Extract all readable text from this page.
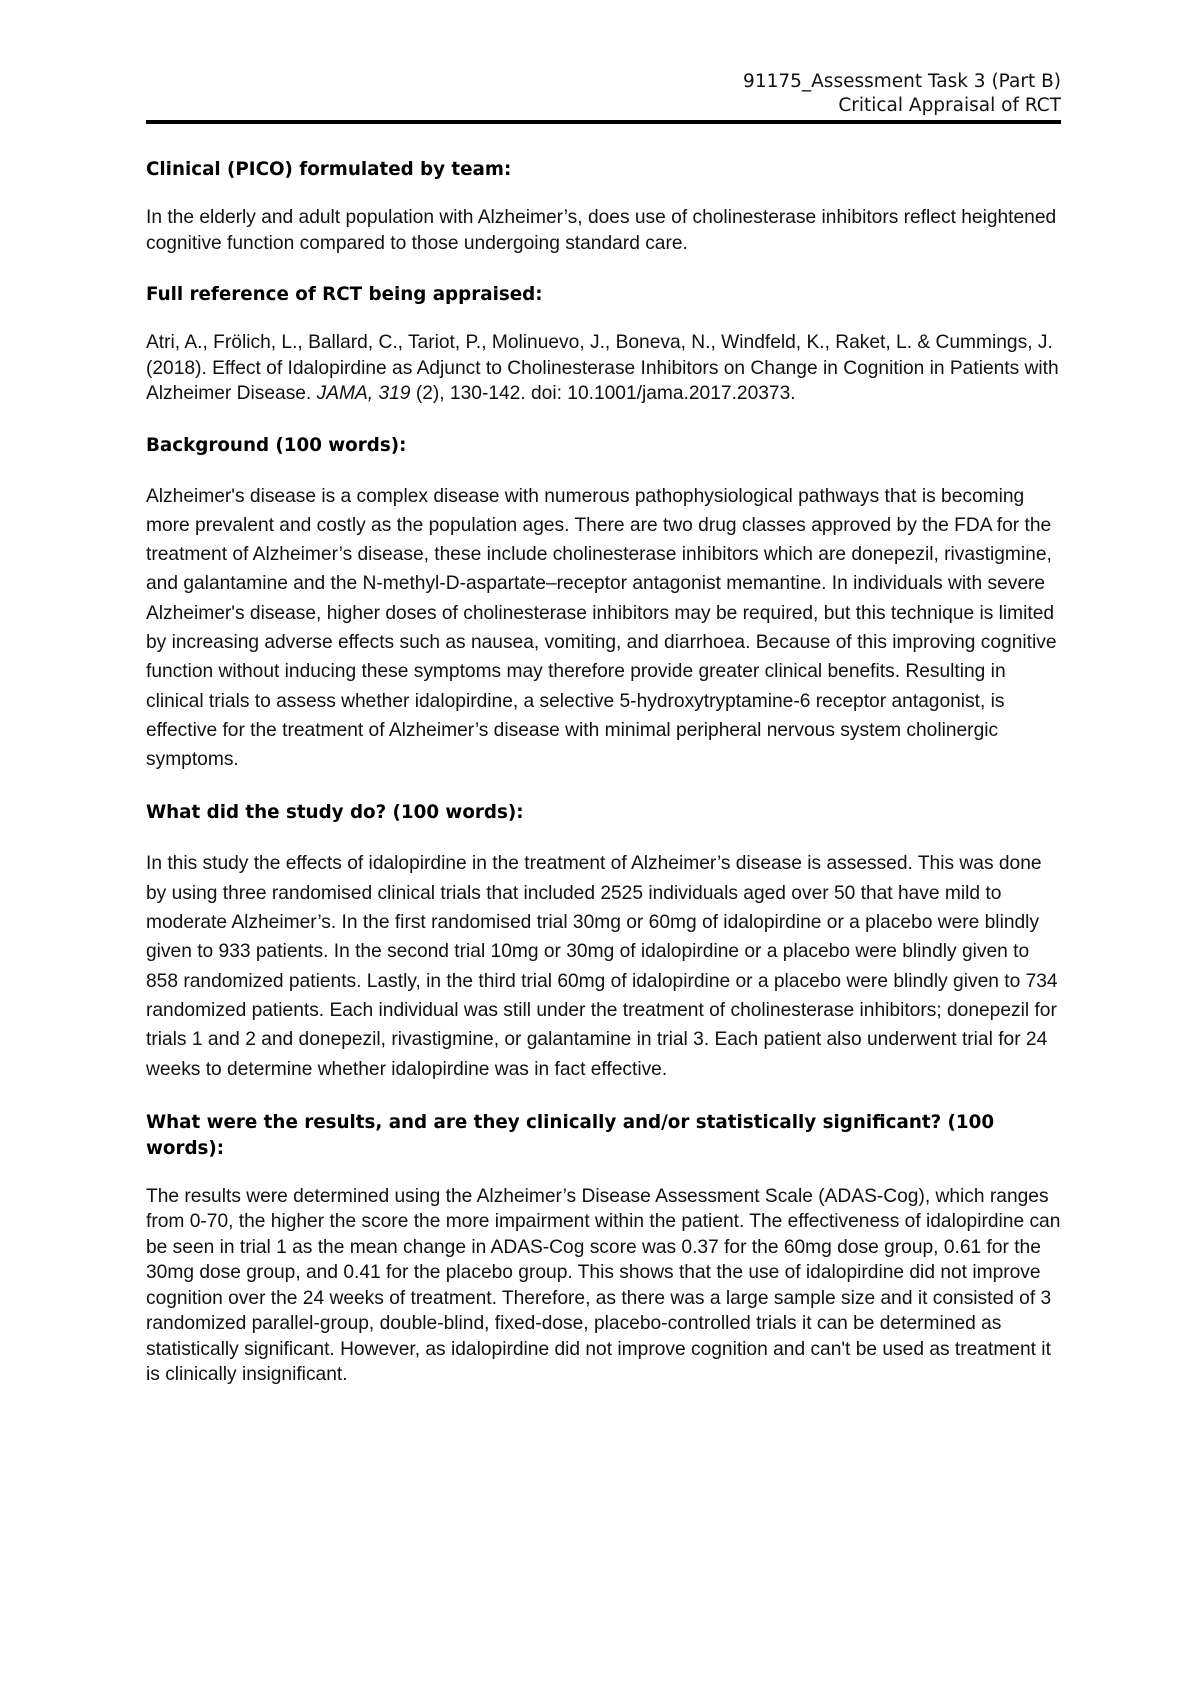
91175_Assessment Task 3 (Part B)
Critical Appraisal of RCT

Clinical (PICO) formulated by team:

In the elderly and adult population with Alzheimer’s, does use of cholinesterase inhibitors reflect heightened cognitive function compared to those undergoing standard care.

Full reference of RCT being appraised:

Atri, A., Frölich, L., Ballard, C., Tariot, P., Molinuevo, J., Boneva, N., Windfeld, K., Raket, L. & Cummings, J. (2018). Effect of Idalopirdine as Adjunct to Cholinesterase Inhibitors on Change in Cognition in Patients with Alzheimer Disease. JAMA, 319 (2), 130-142. doi: 10.1001/jama.2017.20373.

Background (100 words):

Alzheimer's disease is a complex disease with numerous pathophysiological pathways that is becoming more prevalent and costly as the population ages. There are two drug classes approved by the FDA for the treatment of Alzheimer’s disease, these include cholinesterase inhibitors which are donepezil, rivastigmine, and galantamine and the N-methyl-D-aspartate–receptor antagonist memantine. In individuals with severe Alzheimer's disease, higher doses of cholinesterase inhibitors may be required, but this technique is limited by increasing adverse effects such as nausea, vomiting, and diarrhoea. Because of this improving cognitive function without inducing these symptoms may therefore provide greater clinical benefits. Resulting in clinical trials to assess whether idalopirdine, a selective 5-hydroxytryptamine-6 receptor antagonist, is effective for the treatment of Alzheimer’s disease with minimal peripheral nervous system cholinergic symptoms.

What did the study do? (100 words):

In this study the effects of idalopirdine in the treatment of Alzheimer’s disease is assessed. This was done by using three randomised clinical trials that included 2525 individuals aged over 50 that have mild to moderate Alzheimer’s. In the first randomised trial 30mg or 60mg of idalopirdine or a placebo were blindly given to 933 patients. In the second trial 10mg or 30mg of idalopirdine or a placebo were blindly given to 858 randomized patients. Lastly, in the third trial 60mg of idalopirdine or a placebo were blindly given to 734 randomized patients. Each individual was still under the treatment of cholinesterase inhibitors; donepezil for trials 1 and 2 and donepezil, rivastigmine, or galantamine in trial 3. Each patient also underwent trial for 24 weeks to determine whether idalopirdine was in fact effective.

What were the results, and are they clinically and/or statistically significant? (100 words):

The results were determined using the Alzheimer’s Disease Assessment Scale (ADAS-Cog), which ranges from 0-70, the higher the score the more impairment within the patient. The effectiveness of idalopirdine can be seen in trial 1 as the mean change in ADAS-Cog score was 0.37 for the 60mg dose group, 0.61 for the 30mg dose group, and 0.41 for the placebo group. This shows that the use of idalopirdine did not improve cognition over the 24 weeks of treatment. Therefore, as there was a large sample size and it consisted of 3 randomized parallel-group, double-blind, fixed-dose, placebo-controlled trials it can be determined as statistically significant. However, as idalopirdine did not improve cognition and can't be used as treatment it is clinically insignificant.
